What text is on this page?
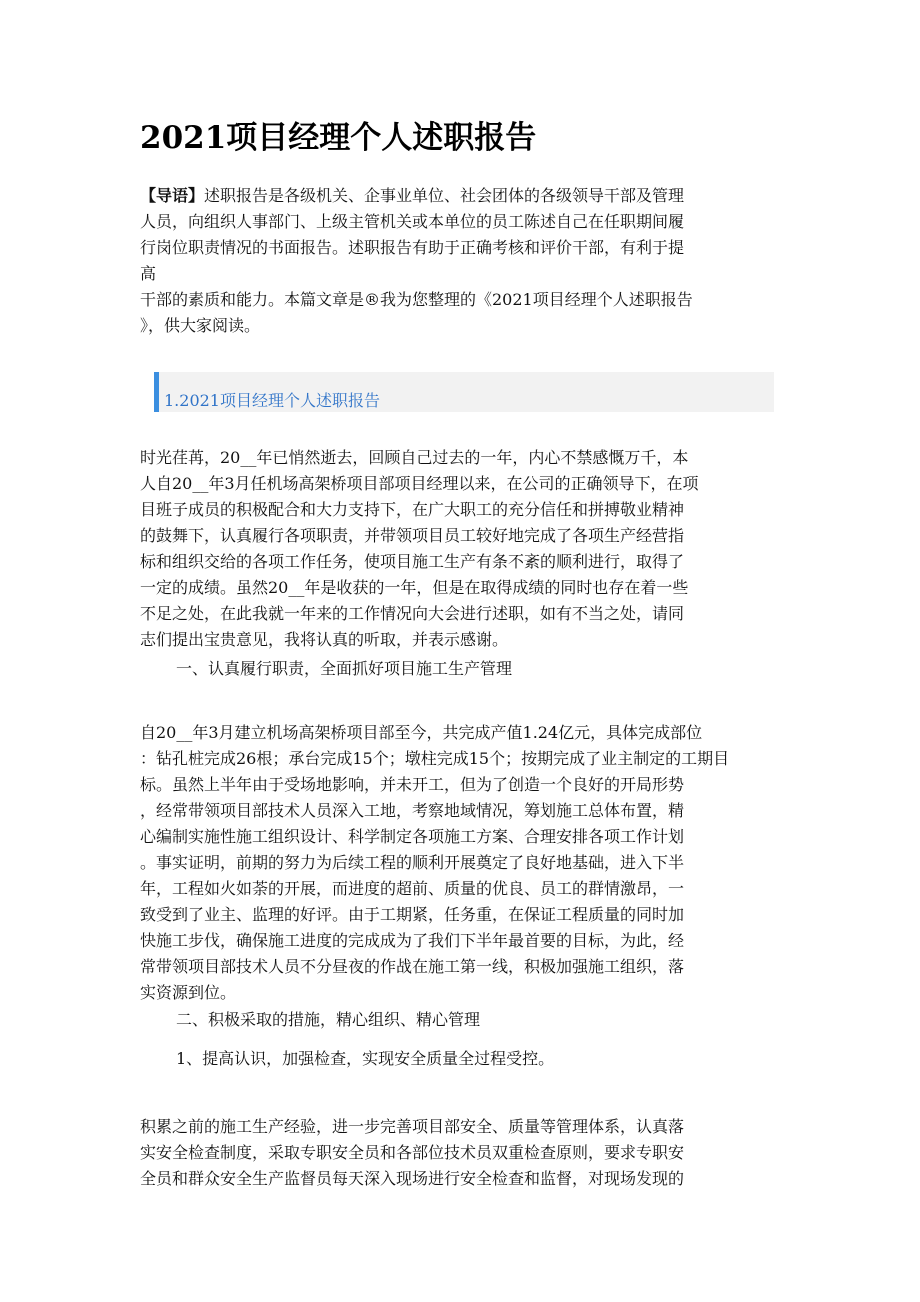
2021项目经理个人述职报告
【导语】述职报告是各级机关、企事业单位、社会团体的各级领导干部及管理
人员，向组织人事部门、上级主管机关或本单位的员工陈述自己在任职期间履
行岗位职责情况的书面报告。述职报告有助于正确考核和评价干部，有利于提
高
干部的素质和能力。本篇文章是®我为您整理的《2021项目经理个人述职报告
》，供大家阅读。
1.2021项目经理个人述职报告
时光荏苒，20__年已悄然逝去，回顾自己过去的一年，内心不禁感慨万千，本
人自20__年3月任机场高架桥项目部项目经理以来，在公司的正确领导下，在项
目班子成员的积极配合和大力支持下，在广大职工的充分信任和拼搏敬业精神
的鼓舞下，认真履行各项职责，并带领项目员工较好地完成了各项生产经营指
标和组织交给的各项工作任务，使项目施工生产有条不紊的顺利进行，取得了
一定的成绩。虽然20__年是收获的一年，但是在取得成绩的同时也存在着一些
不足之处，在此我就一年来的工作情况向大会进行述职，如有不当之处，请同
志们提出宝贵意见，我将认真的听取，并表示感谢。
一、认真履行职责，全面抓好项目施工生产管理
自20__年3月建立机场高架桥项目部至今，共完成产值1.24亿元，具体完成部位
：钻孔桩完成26根；承台完成15个；墩柱完成15个；按期完成了业主制定的工期目
标。虽然上半年由于受场地影响，并未开工，但为了创造一个良好的开局形势
，经常带领项目部技术人员深入工地，考察地域情况，筹划施工总体布置，精
心编制实施性施工组织设计、科学制定各项施工方案、合理安排各项工作计划
。事实证明，前期的努力为后续工程的顺利开展奠定了良好地基础，进入下半
年，工程如火如荼的开展，而进度的超前、质量的优良、员工的群情激昂，一
致受到了业主、监理的好评。由于工期紧，任务重，在保证工程质量的同时加
快施工步伐，确保施工进度的完成成为了我们下半年最首要的目标，为此，经
常带领项目部技术人员不分昼夜的作战在施工第一线，积极加强施工组织，落
实资源到位。
二、积极采取的措施，精心组织、精心管理
1、提高认识，加强检查，实现安全质量全过程受控。
积累之前的施工生产经验，进一步完善项目部安全、质量等管理体系，认真落
实安全检查制度，采取专职安全员和各部位技术员双重检查原则，要求专职安
全员和群众安全生产监督员每天深入现场进行安全检查和监督，对现场发现的
